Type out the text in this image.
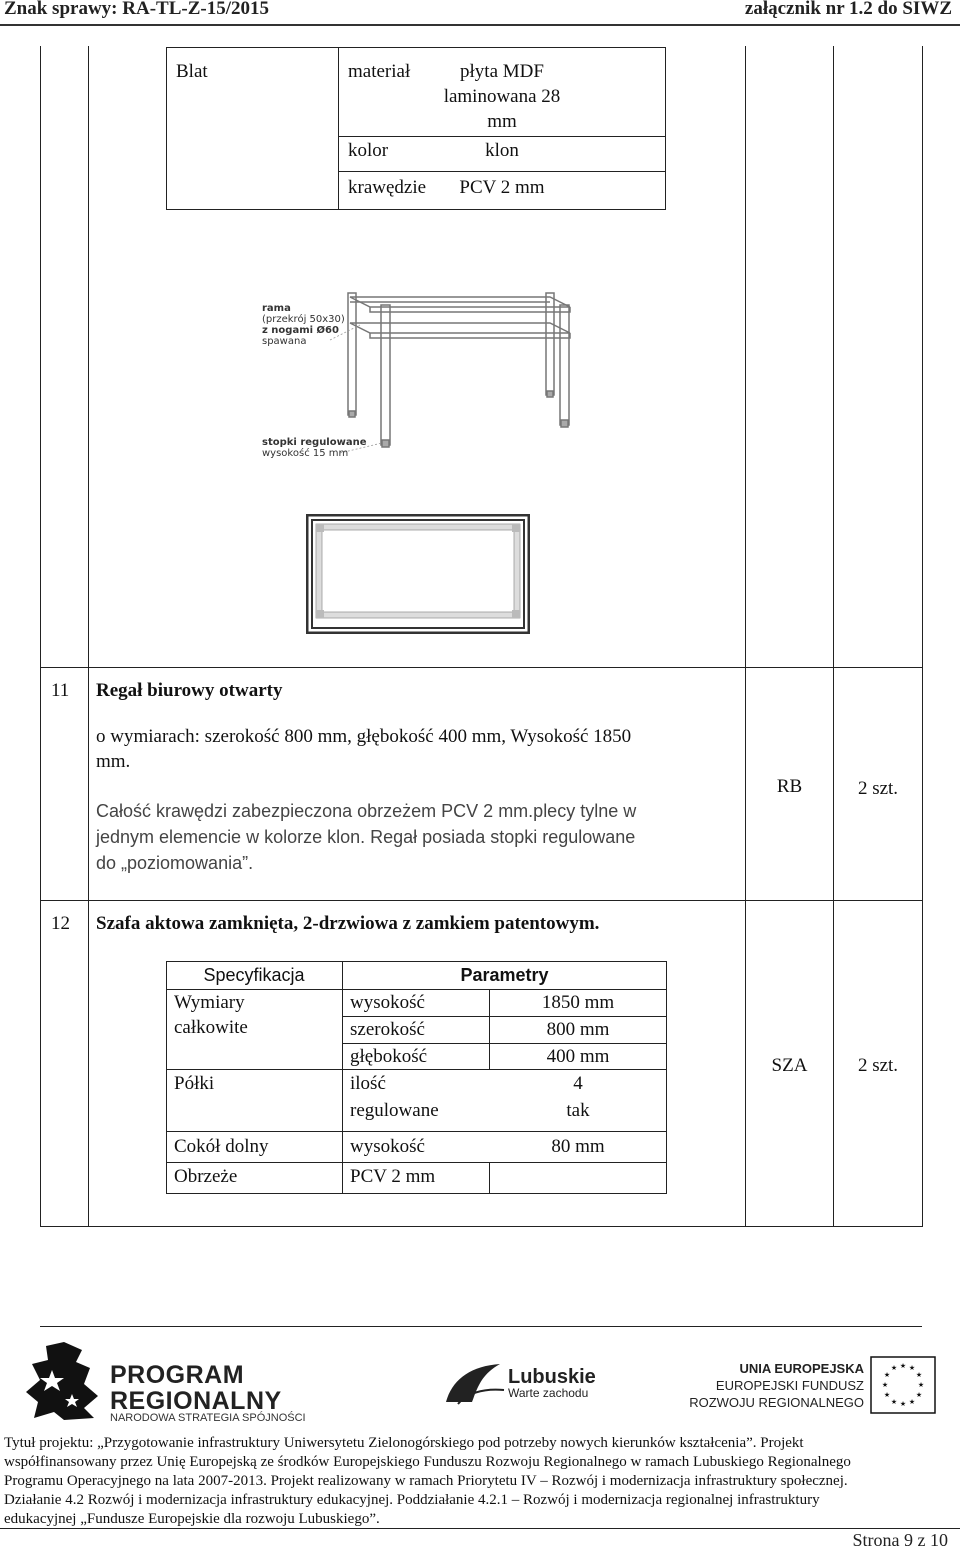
Znak sprawy: RA-TL-Z-15/2015	załącznik nr 1.2 do SIWZ
Blat	materiał	płyta MDF
laminowana 28
mm
kolor	klon
krawędzie	PCV 2 mm
rama
(przekrój 50x30)
z nogami Ø60
spawana
stopki regulowane
wysokość 15 mm
11 Regał biurowy otwarty
o wymiarach: szerokość 800 mm, głębokość 400 mm, Wysokość 1850
mm.
Całość krawędzi zabezpieczona obrzeżem PCV 2 mm.plecy tylne w
jednym elemencie w kolorze klon. Regał posiada stopki regulowane
do „poziomowania”.
RB	2 szt.
12 Szafa aktowa zamknięta, 2-drzwiowa z zamkiem patentowym.
Specyfikacja	Parametry
Wymiary
całkowite
wysokość	1850 mm
szerokość	800 mm
głębokość	400 mm
Półki	ilość	4
regulowane	tak
Cokół dolny	wysokość	80 mm
Obrzeże	PCV 2 mm
SZA	2 szt.
PROGRAM
REGIONALNY
NARODOWA STRATEGIA SPÓJNOŚCI
Lubuskie
Warte zachodu
UNIA EUROPEJSKA
EUROPEJSKI FUNDUSZ
ROZWOJU REGIONALNEGO
★ ★
★
★
★
★
★
★
★
★
★
★
Tytuł projektu: „Przygotowanie infrastruktury Uniwersytetu Zielonogórskiego pod potrzeby nowych kierunków kształcenia”. Projekt
współfinansowany przez Unię Europejską ze środków Europejskiego Funduszu Rozwoju Regionalnego w ramach Lubuskiego Regionalnego
Programu Operacyjnego na lata 2007-2013. Projekt realizowany w ramach Priorytetu IV – Rozwój i modernizacja infrastruktury społecznej.
Działanie 4.2 Rozwój i modernizacja infrastruktury edukacyjnej. Poddziałanie 4.2.1 – Rozwój i modernizacja regionalnej infrastruktury
edukacyjnej „Fundusze Europejskie dla rozwoju Lubuskiego”.
Strona 9 z 10
